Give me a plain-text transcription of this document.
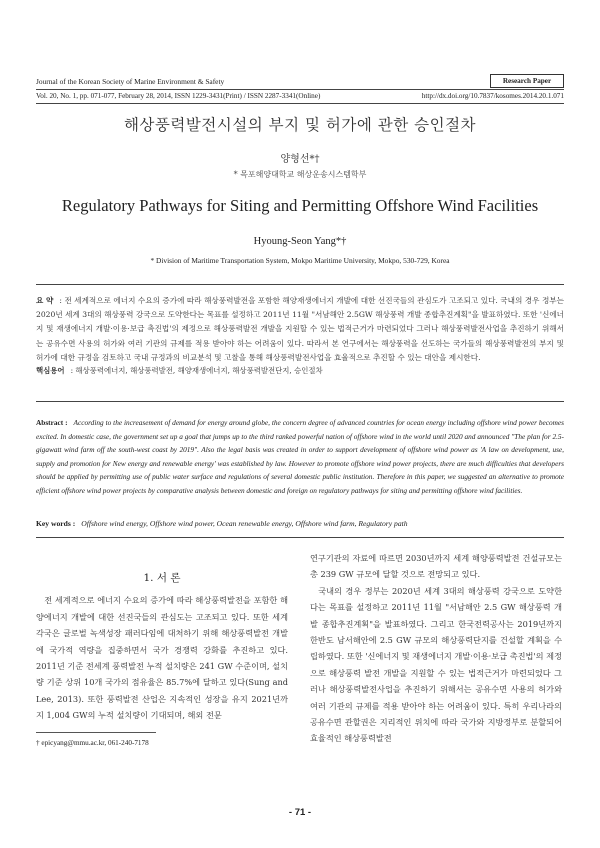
Journal of the Korean Society of Marine Environment & Safety	Research Paper
Vol. 20, No. 1, pp. 071-077, February 28, 2014, ISSN 1229-3431(Print) / ISSN 2287-3341(Online)	http://dx.doi.org/10.7837/kosomes.2014.20.1.071
해상풍력발전시설의 부지 및 허가에 관한 승인절차
양형선*†
* 목포해양대학교 해상운송시스템학부
Regulatory Pathways for Siting and Permitting Offshore Wind Facilities
Hyoung-Seon Yang*†
* Division of Maritime Transportation System, Mokpo Maritime University, Mokpo, 530-729, Korea
요 약 : 전 세계적으로 에너지 수요의 증가에 따라 해상풍력발전을 포함한 해양재생에너지 개발에 대한 선진국들의 관심도가 고조되고 있다. 국내의 경우 정부는 2020년 세계 3대의 해상풍력 강국으로 도약한다는 목표를 설정하고 2011년 11월 "서남해안 2.5GW 해상풍력 개발 종합추진계획"을 발표하였다. 또한 '신에너지 및 재생에너지 개발·이용·보급 촉진법'의 제정으로 해상풍력발전 개발을 지원할 수 있는 법적근거가 마련되었다 그러나 해상풍력발전사업을 추진하기 위해서는 공유수면 사용의 허가와 여러 기관의 규제를 적용 받아야 하는 어려움이 있다. 따라서 본 연구에서는 해상풍력을 선도하는 국가들의 해상풍력발전의 부지 및 허가에 대한 규정을 검토하고 국내 규정과의 비교분석 및 고찰을 통해 해상풍력발전사업을 효율적으로 추진할 수 있는 대안을 제시한다.
핵심용어 : 해상풍력에너지, 해상풍력발전, 해양재생에너지, 해상풍력발전단지, 승인절차
Abstract : According to the increasement of demand for energy around globe, the concern degree of advanced countries for ocean energy including offshore wind power becomes excited. In domestic case, the government set up a goal that jumps up to the third ranked powerful nation of offshore wind in the world until 2020 and announced "The plan for 2.5-gigawatt wind farm off the south-west coast by 2019". Also the legal basis was created in order to support development of offshore wind power as 'A law on development, use, supply and promotion for New energy and renewable energy' was established by law. However to promote offshore wind power projects, there are much difficulties that developers should be applied by permitting use of public water surface and regulations of several domestic public institution. Therefore in this paper, we suggested an alternative to promote efficient offshore wind power projects by comparative analysis between domestic and foreign on regulatory pathways for siting and permitting offshore wind facilities.
Key words : Offshore wind energy, Offshore wind power, Ocean renewable energy, Offshore wind farm, Regulatory path
1. 서 론

전 세계적으로 에너지 수요의 증가에 따라 해상풍력발전을 포함한 해양에너지 개발에 대한 선진국들의 관심도는 고조되고 있다. 또한 세계 각국은 글로벌 녹색성장 패러다임에 대처하기 위해 해상풍력발전 개발에 국가적 역량을 집중하면서 국가 경쟁력 강화를 추진하고 있다. 2011년 기준 전세계 풍력발전 누적 설치량은 241 GW 수준이며, 설치량 기준 상위 10개 국가의 점유율은 85.7%에 달하고 있다(Sung and Lee, 2013). 또한 풍력발전 산업은 지속적인 성장을 유지 2021년까지 1,004 GW의 누적 설치량이 기대되며, 해외 전문

연구기관의 자료에 따르면 2030년까지 세계 해양풍력발전 건설규모는 총 239 GW 규모에 달할 것으로 전망되고 있다.

국내의 경우 정부는 2020년 세계 3대의 해상풍력 강국으로 도약한다는 목표를 설정하고 2011년 11월 "서남해안 2.5 GW 해상풍력 개발 종합추진계획"을 발표하였다. 그리고 한국전력공사는 2019년까지 한반도 남서해안에 2.5 GW 규모의 해상풍력단지를 건설할 계획을 수립하였다. 또한 '신에너지 및 재생에너지 개발·이용·보급 촉진법'의 제정으로 해상풍력 발전 개발을 지원할 수 있는 법적근거가 마련되었다 그러나 해상풍력발전사업을 추진하기 위해서는 공유수면 사용의 허가와 여러 기관의 규제를 적용 받아야 하는 어려움이 있다. 특히 우리나라의 공유수면 관할권은 지리적인 위치에 따라 국가와 지방정부로 분할되어 효율적인 해상풍력발전

† epicyang@mmu.ac.kr, 061-240-7178
- 71 -
